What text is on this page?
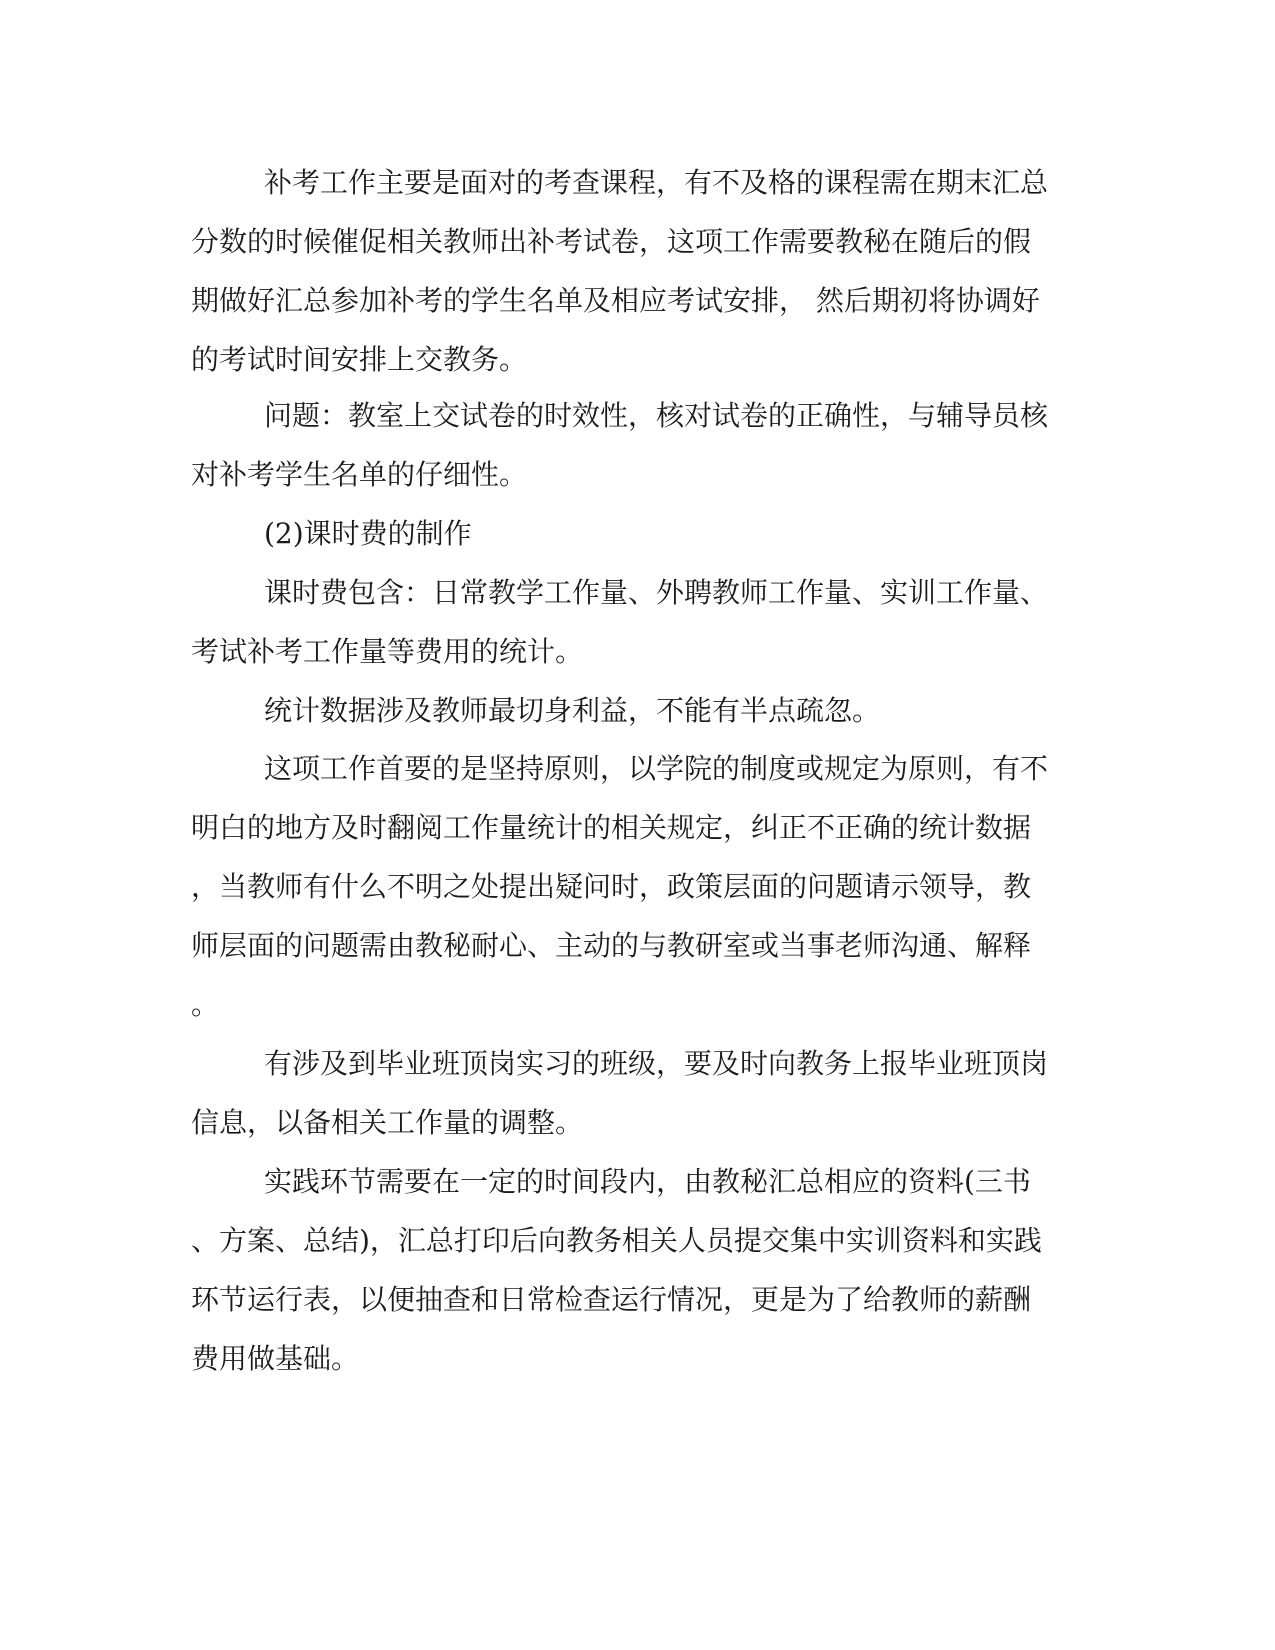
补考工作主要是面对的考查课程，有不及格的课程需在期末汇总
分数的时候催促相关教师出补考试卷，这项工作需要教秘在随后的假
期做好汇总参加补考的学生名单及相应考试安排， 然后期初将协调好
的考试时间安排上交教务。
问题：教室上交试卷的时效性，核对试卷的正确性，与辅导员核
对补考学生名单的仔细性。
(2)课时费的制作
课时费包含：日常教学工作量、外聘教师工作量、实训工作量、
考试补考工作量等费用的统计。
统计数据涉及教师最切身利益，不能有半点疏忽。
这项工作首要的是坚持原则，以学院的制度或规定为原则，有不
明白的地方及时翻阅工作量统计的相关规定，纠正不正确的统计数据
，当教师有什么不明之处提出疑问时，政策层面的问题请示领导，教
师层面的问题需由教秘耐心、主动的与教研室或当事老师沟通、解释
。
有涉及到毕业班顶岗实习的班级，要及时向教务上报毕业班顶岗
信息，以备相关工作量的调整。
实践环节需要在一定的时间段内，由教秘汇总相应的资料(三书
、方案、总结)，汇总打印后向教务相关人员提交集中实训资料和实践
环节运行表，以便抽查和日常检查运行情况，更是为了给教师的薪酬
费用做基础。
